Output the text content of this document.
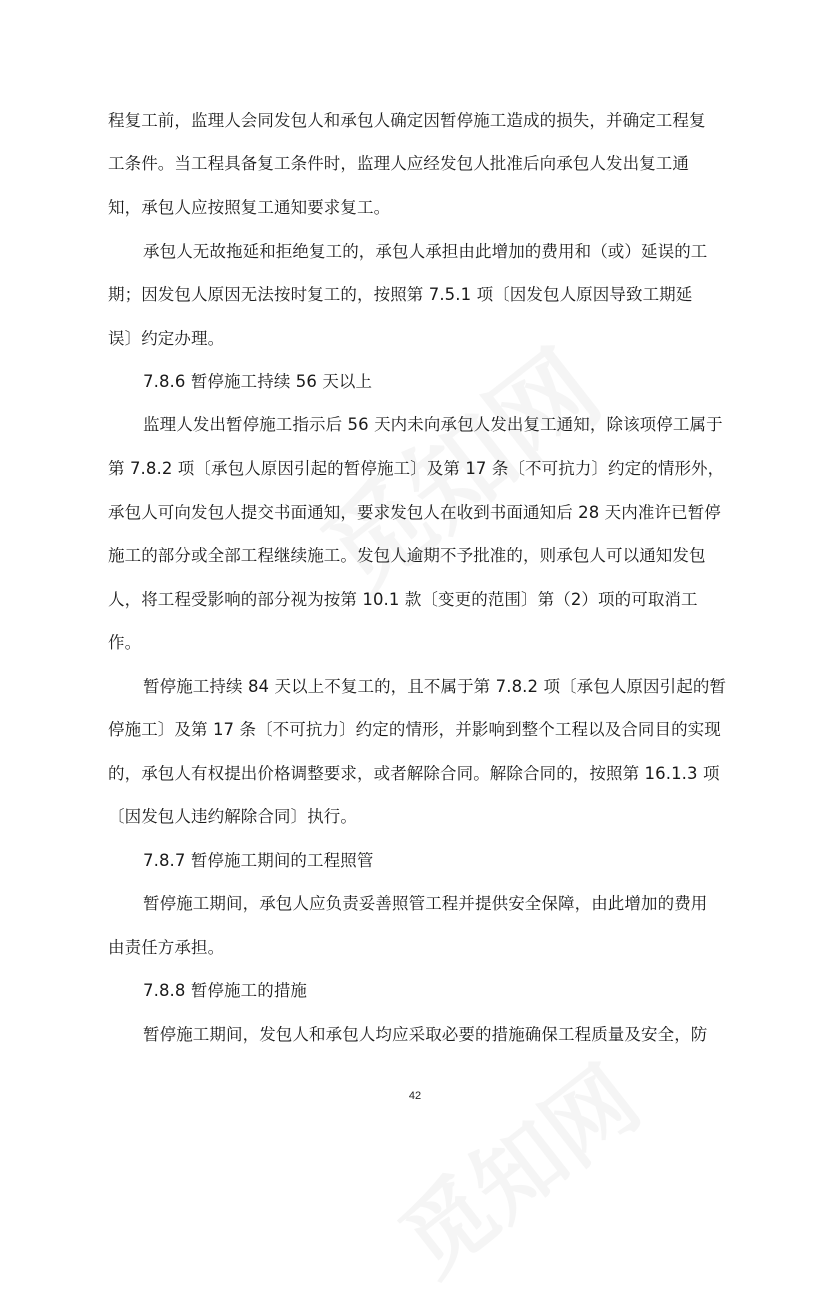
程复工前，监理人会同发包人和承包人确定因暂停施工造成的损失，并确定工程复
工条件。当工程具备复工条件时，监理人应经发包人批准后向承包人发出复工通
知，承包人应按照复工通知要求复工。
承包人无故拖延和拒绝复工的，承包人承担由此增加的费用和（或）延误的工
期；因发包人原因无法按时复工的，按照第 7.5.1 项〔因发包人原因导致工期延
误〕约定办理。
7.8.6 暂停施工持续 56 天以上
监理人发出暂停施工指示后 56 天内未向承包人发出复工通知，除该项停工属于
第 7.8.2 项〔承包人原因引起的暂停施工〕及第 17 条〔不可抗力〕约定的情形外，
承包人可向发包人提交书面通知，要求发包人在收到书面通知后 28 天内准许已暂停
施工的部分或全部工程继续施工。发包人逾期不予批准的，则承包人可以通知发包
人，将工程受影响的部分视为按第 10.1 款〔变更的范围〕第（2）项的可取消工
作。
暂停施工持续 84 天以上不复工的，且不属于第 7.8.2 项〔承包人原因引起的暂
停施工〕及第 17 条〔不可抗力〕约定的情形，并影响到整个工程以及合同目的实现
的，承包人有权提出价格调整要求，或者解除合同。解除合同的，按照第 16.1.3 项
〔因发包人违约解除合同〕执行。
7.8.7 暂停施工期间的工程照管
暂停施工期间，承包人应负责妥善照管工程并提供安全保障，由此增加的费用
由责任方承担。
7.8.8 暂停施工的措施
暂停施工期间，发包人和承包人均应采取必要的措施确保工程质量及安全，防
42
